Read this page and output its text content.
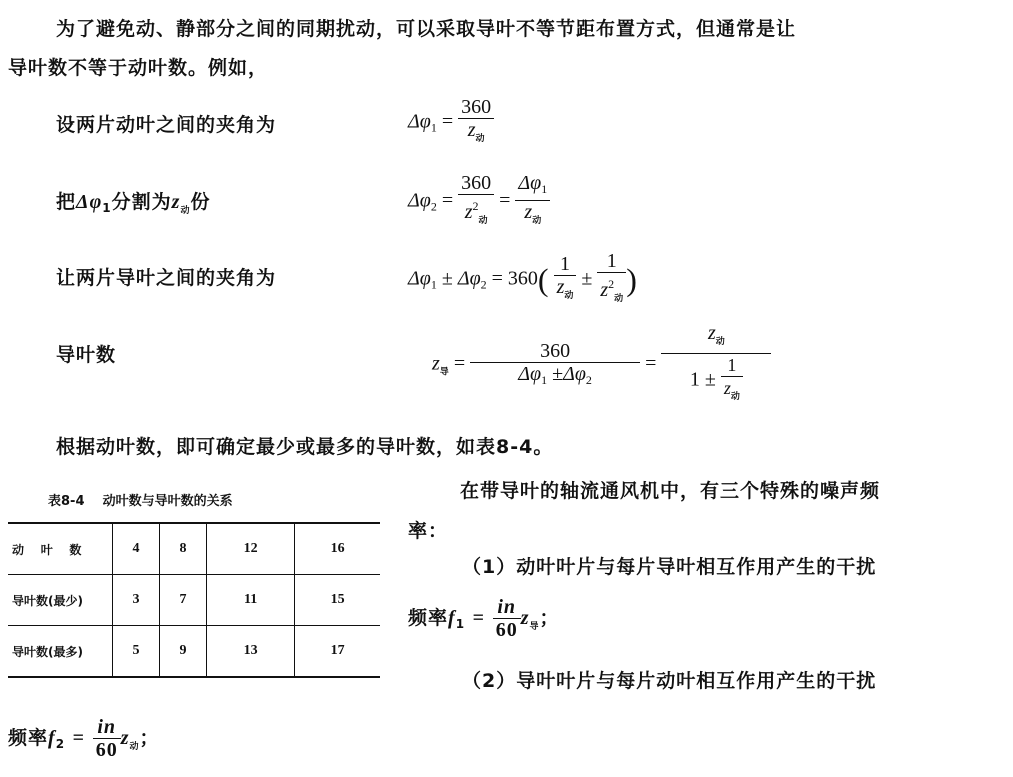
为了避免动、静部分之间的同期扰动，可以采取导叶不等节距布置方式，但通常是让
导叶数不等于动叶数。例如，
设两片动叶之间的夹角为	$\Delta\varphi_1 = \frac{360}{z_动}$
把$\Delta\varphi_1$分割为$z_动$份	$\Delta\varphi_2 = \frac{360}{z^2_动} = \frac{\Delta\varphi_1}{z_动}$
让两片导叶之间的夹角为	$\Delta\varphi_1 \pm \Delta\varphi_2 = 360( \frac{1}{z_动} \pm \frac{1}{z^2_动}$ )
导叶数	$z_导 = \frac{360}{\Delta\varphi_1 \pm\Delta\varphi_2} = \frac{z_动}{1 \pm \frac{1}{z_动}}$
根据动叶数，即可确定最少或最多的导叶数，如表8-4。
表8-4    动叶数与导叶数的关系
动    叶    数	4	8	12	16
导叶数(最少)	3	7	11	15
导叶数(最多)	5	9	13	17
在带导叶的轴流通风机中，有三个特殊的噪声频
率：
（1）动叶叶片与每片导叶相互作用产生的干扰
频率$f_1 = \frac{in}{60} z_导$；
（2）导叶叶片与每片动叶相互作用产生的干扰
频率$f_2 = \frac{in}{60} z_动$；
